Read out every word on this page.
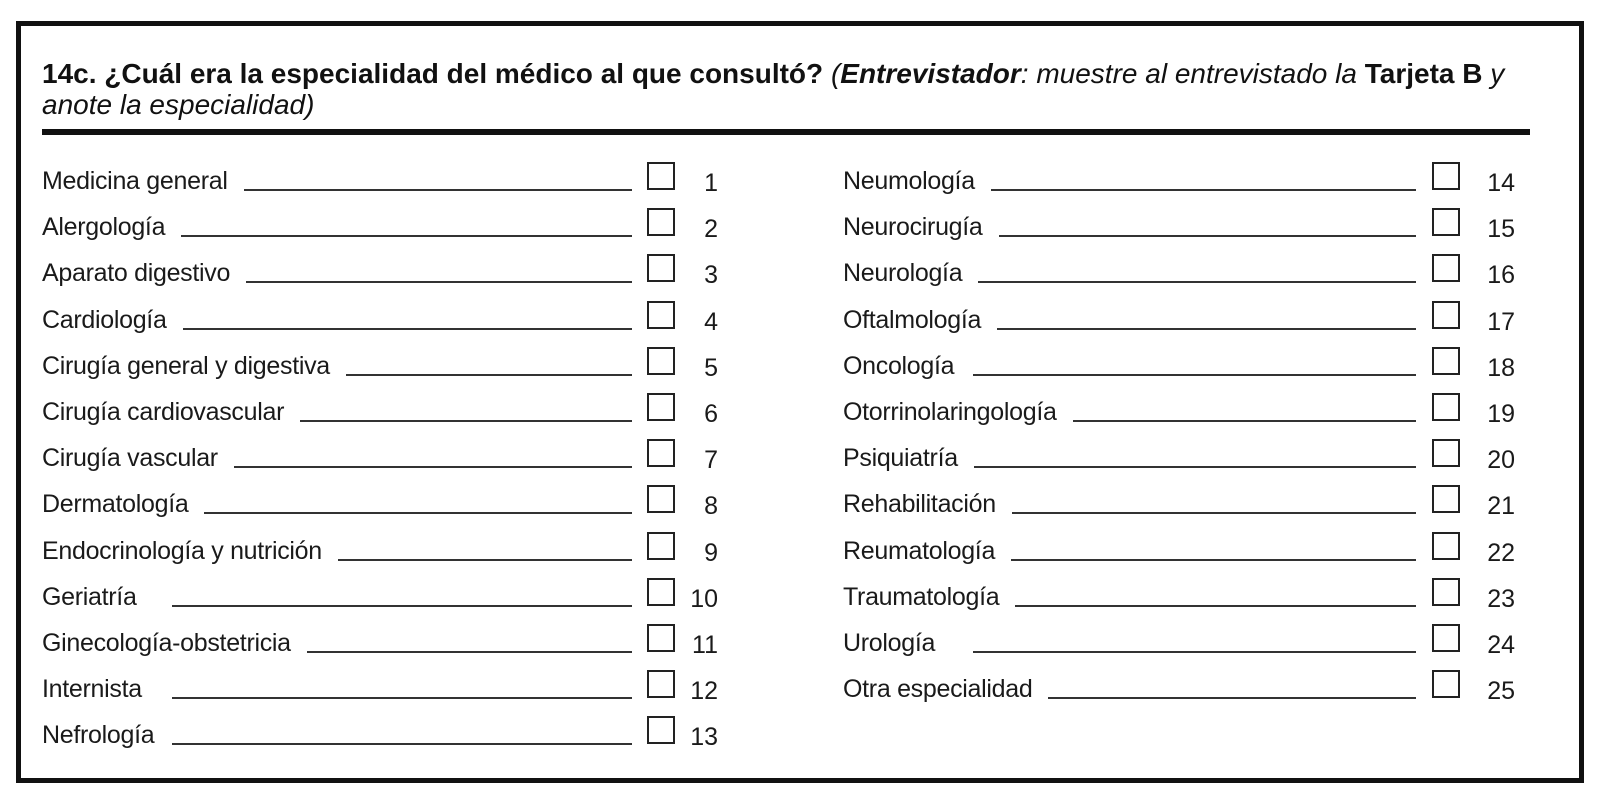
14c. ¿Cuál era la especialidad del médico al que consultó? (Entrevistador: muestre al entrevistado la Tarjeta B y anote la especialidad)
Medicina general	1
Alergología	2
Aparato digestivo	3
Cardiología	4
Cirugía general y digestiva	5
Cirugía cardiovascular	6
Cirugía vascular	7
Dermatología	8
Endocrinología y nutrición	9
Geriatría	10
Ginecología-obstetricia	11
Internista	12
Nefrología	13
Neumología	14
Neurocirugía	15
Neurología	16
Oftalmología	17
Oncología	18
Otorrinolaringología	19
Psiquiatría	20
Rehabilitación	21
Reumatología	22
Traumatología	23
Urología	24
Otra especialidad	25
